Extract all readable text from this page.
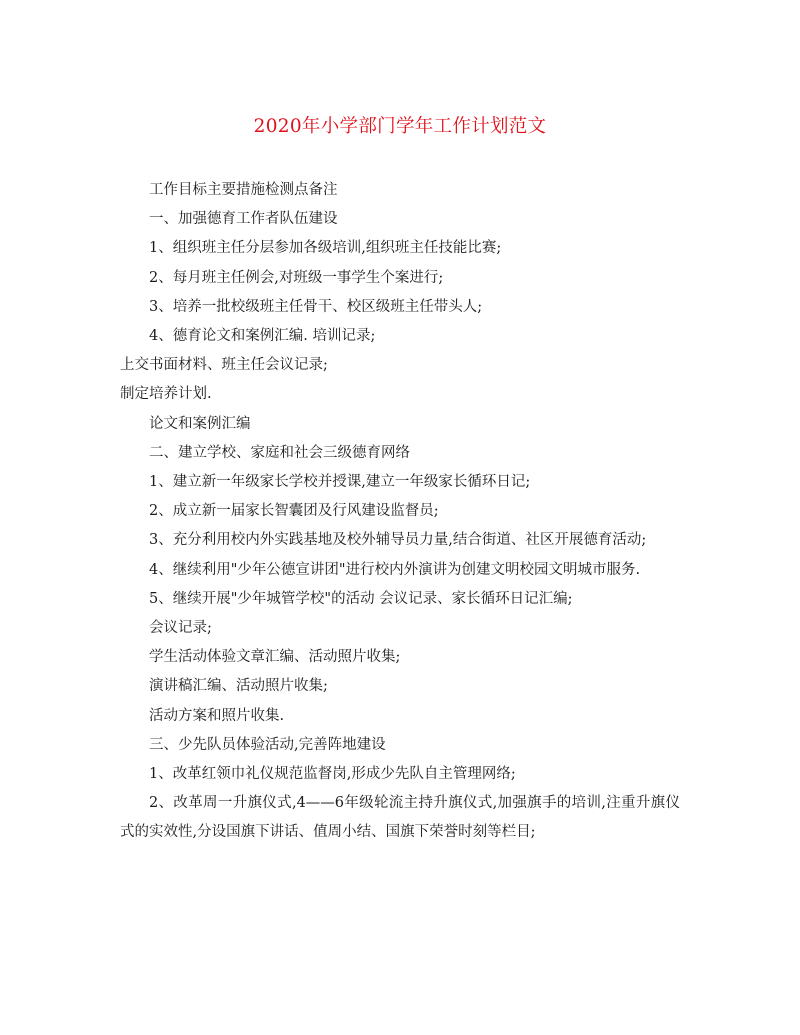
2020年小学部门学年工作计划范文

工作目标主要措施检测点备注

一、加强德育工作者队伍建设

1、组织班主任分层参加各级培训,组织班主任技能比赛;

2、每月班主任例会,对班级一事学生个案进行;

3、培养一批校级班主任骨干、校区级班主任带头人;

4、德育论文和案例汇编. 培训记录;

上交书面材料、班主任会议记录;

制定培养计划.

论文和案例汇编

二、建立学校、家庭和社会三级德育网络

1、建立新一年级家长学校并授课,建立一年级家长循环日记;

2、成立新一届家长智囊团及行风建设监督员;

3、充分利用校内外实践基地及校外辅导员力量,结合街道、社区开展德育活动;

4、继续利用"少年公德宣讲团"进行校内外演讲为创建文明校园文明城市服务.

5、继续开展"少年城管学校"的活动 会议记录、家长循环日记汇编;

会议记录;

学生活动体验文章汇编、活动照片收集;

演讲稿汇编、活动照片收集;

活动方案和照片收集.

三、少先队员体验活动,完善阵地建设

1、改革红领巾礼仪规范监督岗,形成少先队自主管理网络;

2、改革周一升旗仪式,4——6年级轮流主持升旗仪式,加强旗手的培训,注重升旗仪式的实效性,分设国旗下讲话、值周小结、国旗下荣誉时刻等栏目;
